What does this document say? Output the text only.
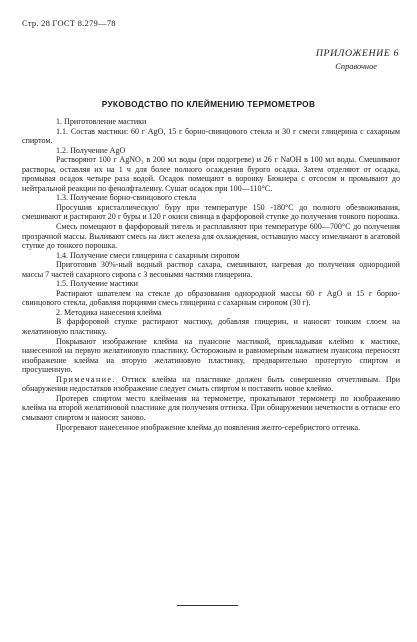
Стр. 28 ГОСТ 8.279—78
ПРИЛОЖЕНИЕ 6
Справочное
РУКОВОДСТВО ПО КЛЕЙМЕНИЮ ТЕРМОМЕТРОВ

1. Приготовление мастики

1.1. Состав мастики: 60 г AgO, 15 г борно-свинцового стекла и 30 г смеси глицерина с сахарным спиртом.

1.2. Получение AgO

Растворяют 100 г AgNO₃ в 200 мл воды (при подогреве) и 26 г NaOH в 100 мл воды. Смешивают растворы, оставляя их на 1 ч для более полного осаждения бурого осадка. Затем отделяют от осадка, промывая осадок четыре раза водой. Осадок помещают в воронку Бюкнера с отсосом и промывают до нейтральной реакции по фенолфталеину. Сушат осадок при 100—110°С.

1.3. Получение борно-свинцового стекла

Просушив кристаллическую' буру при температуре 150 -180°С до полного обезвоживания, смешивают и растирают 20 г буры и 120 г окиси свинца в фарфоровой ступке до получения тонкого порошка.

Смесь помещают в фарфоровый тигель и расплавляют при температуре 600—700°С до получения прозрачной массы. Выливают смесь на лист железа для охлаждения, остывшую массу измельчают в агатовой ступке до тонкого порошка.

1.4. Получение смеси глицерина с сахарным сиропом

Приготовив 30%-ный водный раствор сахара, смешивают, нагревая до получения однородной массы 7 частей сахарного сиропа с 3 весовыми частями глицерина.

1.5. Получение мастики

Растирают шпателем на стекле до образования однородной массы 60 г AgO и 15 г борно-свинцового стекла, добавляя порциями смесь глицерина с сахарным сиропом (30 г).

2. Методика нанесения клейма

В фарфоровой ступке растирают мастику, добавляя глицерин, и наносят тонким слоем на желатиновую пластинку.

Покрывают изображение клейма на пуансоне мастикой, прикладывая клеймо к мастике, нанесенной на первую желатиновую пластинку. Осторожным и равномерным нажатием пуансона переносят изображение клейма на вторую желатиновую пластинку, предварительно протертую спиртом и просушенную.

Примечание. Оттиск клейма на пластинке должен быть совершенно отчетливым. При обнаружении недостатков изображение следует смыть спиртом и поставить новое клеймо.

Протерев спиртом место клеймения на термометре, прокатывают термометр по изображению клейма на второй желатиновой пластинке для получения оттиска. При обнаружении нечеткости в оттиске его смывают спиртом и наносят заново.

Прогревают нанесенное изображение клейма до появления желто-серебристого оттенка.
